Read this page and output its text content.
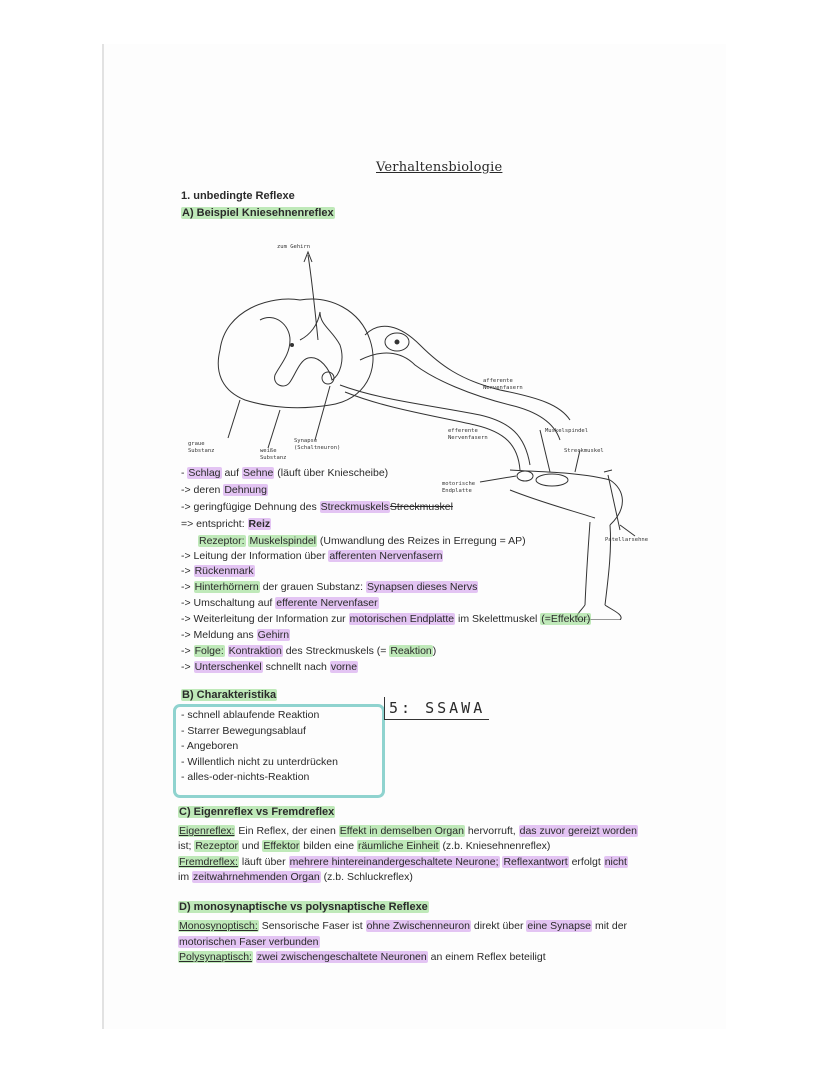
Verhaltensbiologie
1. unbedingte Reflexe
A) Beispiel Kniesehnenreflex
zum Gehirn
afferente Nervenfasern
efferente Nervenfasern
Muskelspindel
Streckmuskel
Patellarsehne
motorische Endplatte
graue Substanz	weiße Substanz
Synapse (Schaltneuron)
- Schlag auf Sehne (läuft über Kniescheibe)
-> deren Dehnung
-> geringfügige Dehnung des StreckmuskelsStreckmuskel
=> entspricht: Reiz
Rezeptor: Muskelspindel (Umwandlung des Reizes in Erregung = AP)
-> Leitung der Information über afferenten Nervenfasern
-> Rückenmark
-> Hinterhörnern der grauen Substanz: Synapsen dieses Nervs
-> Umschaltung auf efferente Nervenfaser
-> Weiterleitung der Information zur motorischen Endplatte im Skelettmuskel (=Effektor)
-> Meldung ans Gehirn
-> Folge: Kontraktion des Streckmuskels (= Reaktion)
-> Unterschenkel schnellt nach vorne
B) Charakteristika
- schnell ablaufende Reaktion
- Starrer Bewegungsablauf
- Angeboren
- Willentlich nicht zu unterdrücken
- alles-oder-nichts-Reaktion
5: SSAWA
C) Eigenreflex vs Fremdreflex
Eigenreflex: Ein Reflex, der einen Effekt in demselben Organ hervorruft, das zuvor gereizt worden
ist; Rezeptor und Effektor bilden eine räumliche Einheit (z.b. Kniesehnenreflex)
Fremdreflex: läuft über mehrere hintereinandergeschaltete Neurone; Reflexantwort erfolgt nicht
im zeitwahrnehmenden Organ (z.b. Schluckreflex)
D) monosynaptische vs polysnaptische Reflexe
Monosynoptisch: Sensorische Faser ist ohne Zwischenneuron direkt über eine Synapse mit der
motorischen Faser verbunden
Polysynaptisch: zwei zwischengeschaltete Neuronen an einem Reflex beteiligt
